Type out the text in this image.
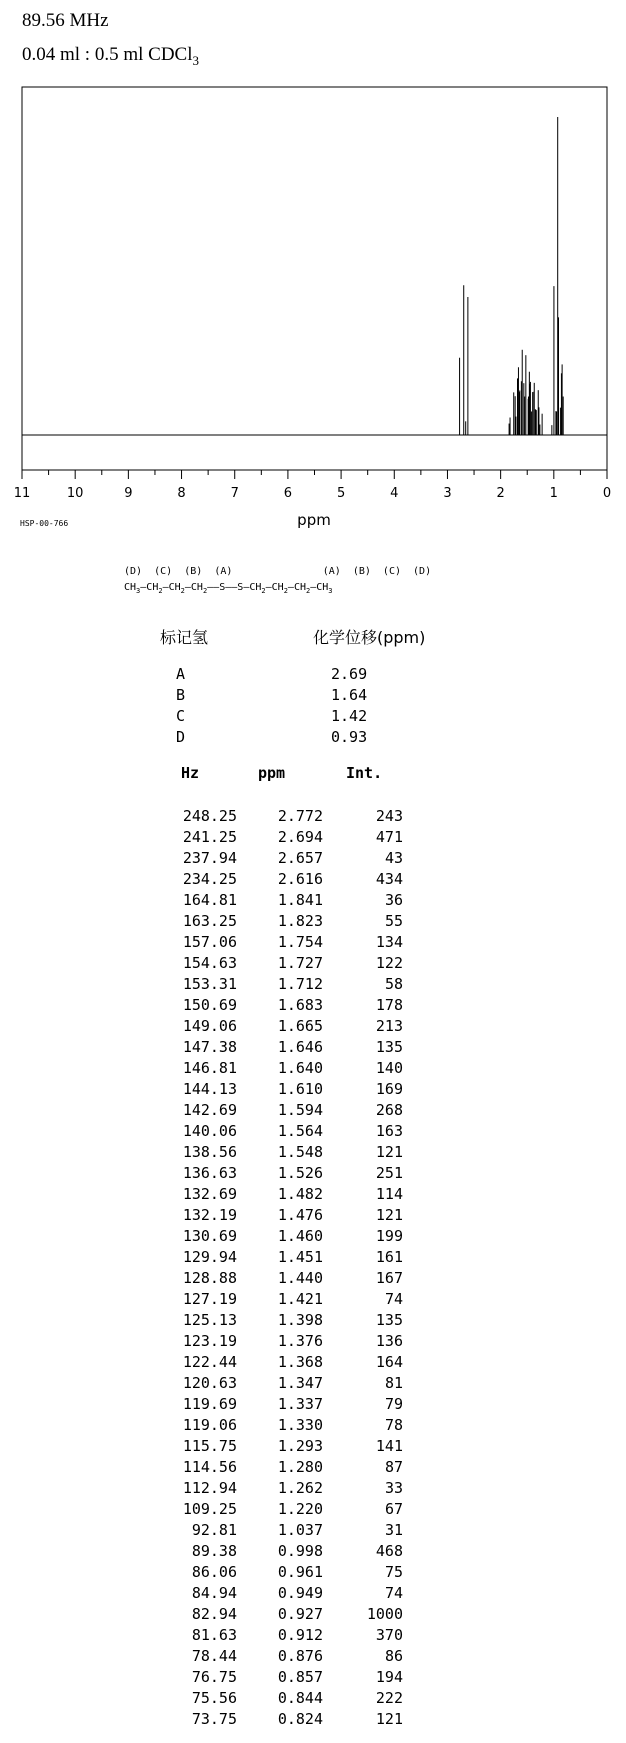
89.56 MHz
0.04 ml : 0.5 ml CDCl$_3$
11	10	9	8	7	6	5	4	3	2	1	0
ppm
HSP-00-766
(D) (C) (B) (A)	(A) (B) (C) (D)
$CH_3—CH_2—CH_2—CH_2——S——S—CH_2—CH_2—CH_2—CH_3$
标记氢	化学位移(ppm)
A	2.69
B	1.64
C	1.42
D	0.93
Hz	ppm	Int.
248.25	2.772	243
241.25	2.694	471
237.94	2.657	43
234.25	2.616	434
164.81	1.841	36
163.25	1.823	55
157.06	1.754	134
154.63	1.727	122
153.31	1.712	58
150.69	1.683	178
149.06	1.665	213
147.38	1.646	135
146.81	1.640	140
144.13	1.610	169
142.69	1.594	268
140.06	1.564	163
138.56	1.548	121
136.63	1.526	251
132.69	1.482	114
132.19	1.476	121
130.69	1.460	199
129.94	1.451	161
128.88	1.440	167
127.19	1.421	74
125.13	1.398	135
123.19	1.376	136
122.44	1.368	164
120.63	1.347	81
119.69	1.337	79
119.06	1.330	78
115.75	1.293	141
114.56	1.280	87
112.94	1.262	33
109.25	1.220	67
92.81	1.037	31
89.38	0.998	468
86.06	0.961	75
84.94	0.949	74
82.94	0.927	1000
81.63	0.912	370
78.44	0.876	86
76.75	0.857	194
75.56	0.844	222
73.75	0.824	121
